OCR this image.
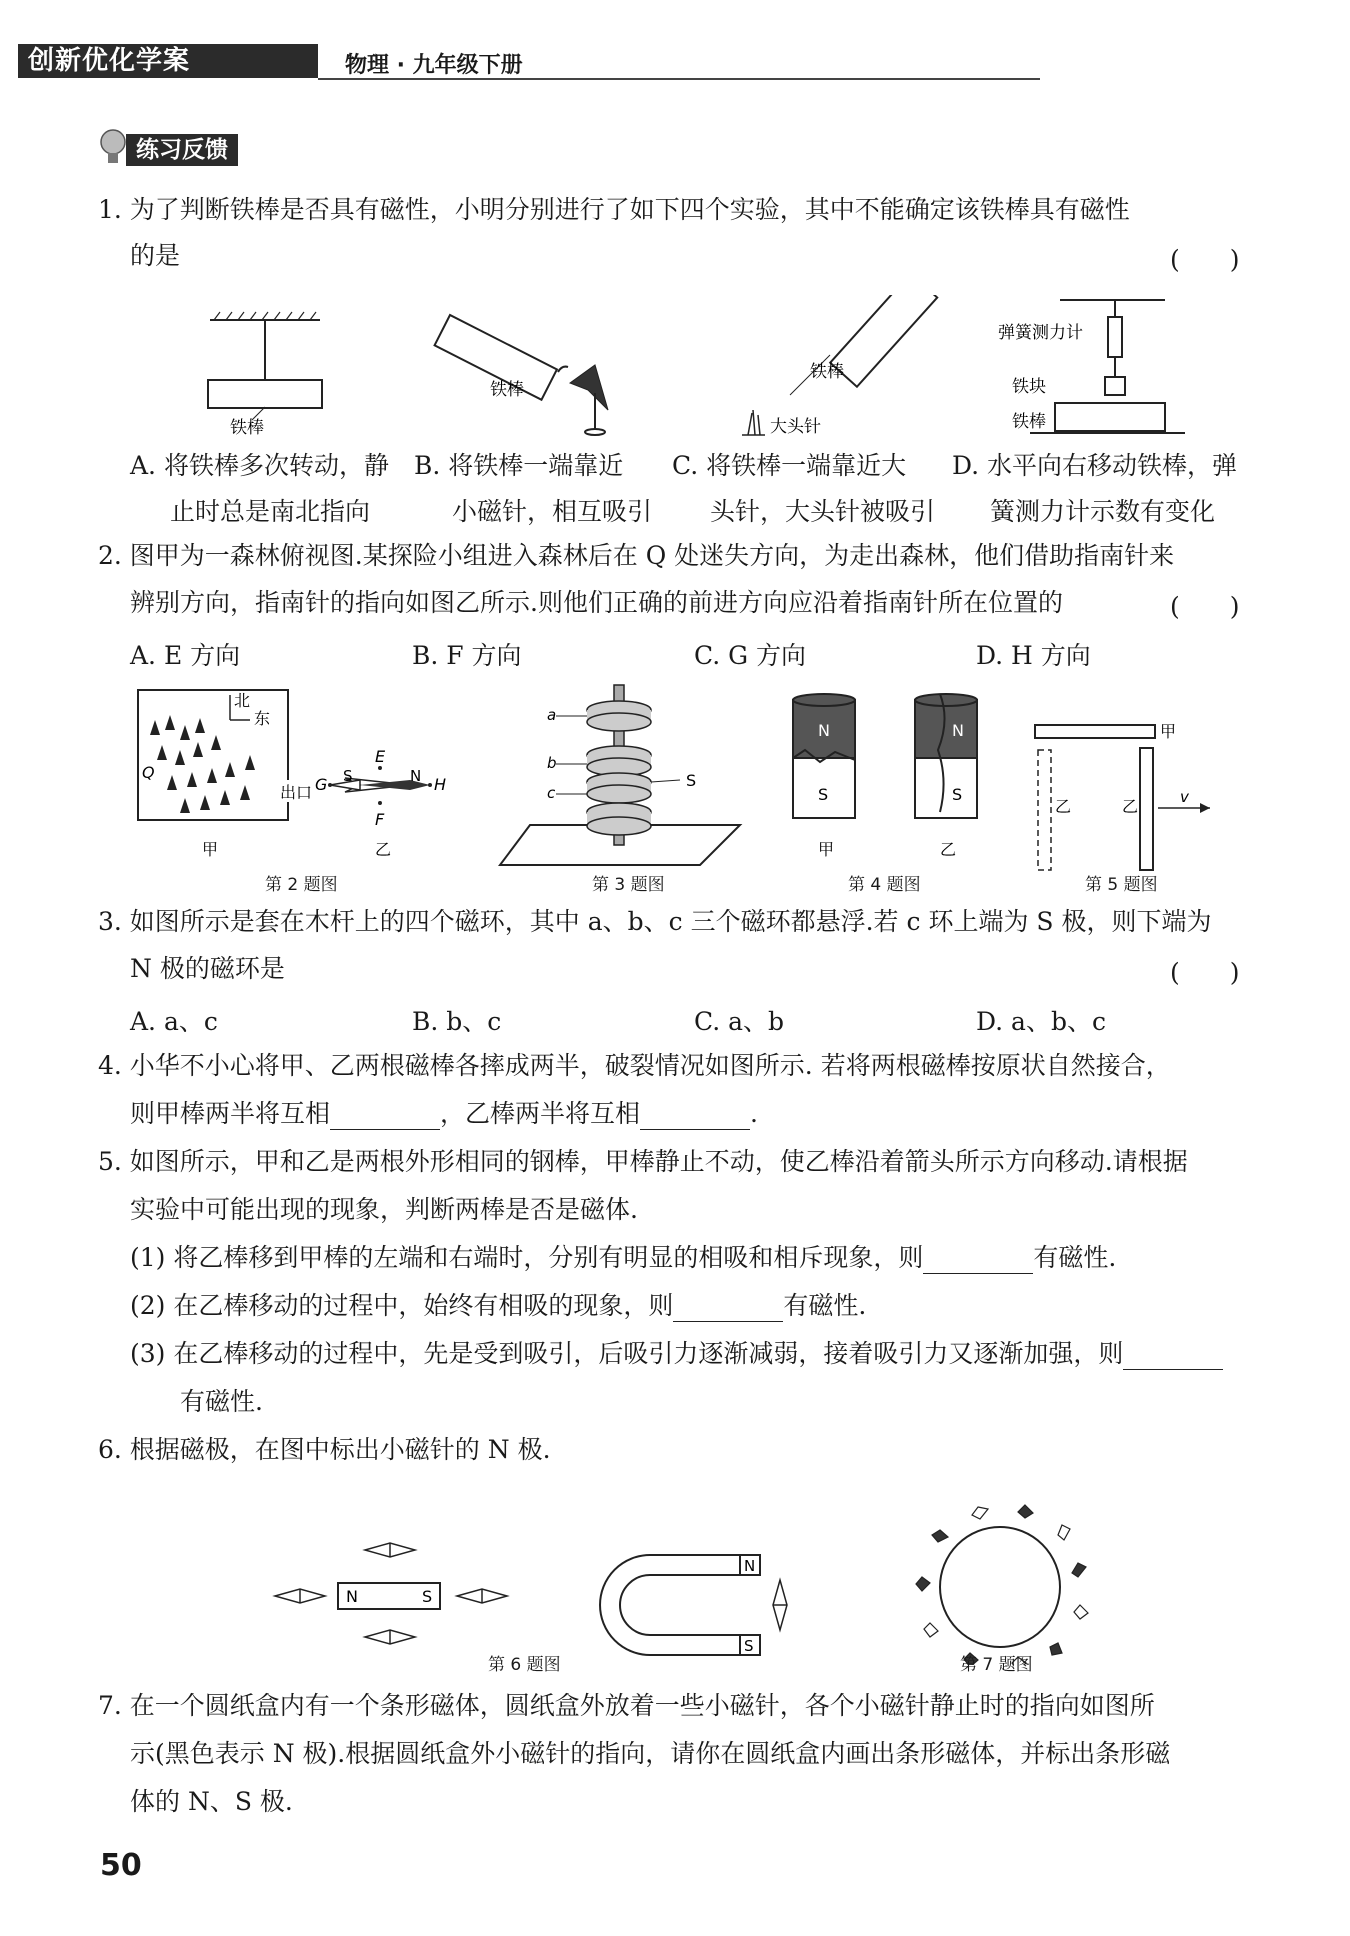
创新优化学案	物理 · 九年级下册
练习反馈
1. 为了判断铁棒是否具有磁性，小明分别进行了如下四个实验，其中不能确定该铁棒具有磁性
的是	(　　)
铁棒
铁棒
铁棒
大头针
弹簧测力计
铁块
铁棒
A. 将铁棒多次转动，静
止时总是南北指向
B. 将铁棒一端靠近
小磁针，相互吸引
C. 将铁棒一端靠近大
头针，大头针被吸引
D. 水平向右移动铁棒，弹
簧测力计示数有变化
2. 图甲为一森林俯视图.某探险小组进入森林后在 Q 处迷失方向，为走出森林，他们借助指南针来
辨别方向，指南针的指向如图乙所示.则他们正确的前进方向应沿着指南针所在位置的	(　　)
A. E 方向	B. F 方向	C. G 方向	D. H 方向
北
东
Q
出口
甲
E
F
G	H
S	N
乙
a
b
c
S
N
S
甲
N
S
乙
甲
乙	乙	v
第 2 题图	第 3 题图	第 4 题图	第 5 题图
3. 如图所示是套在木杆上的四个磁环，其中 a、b、c 三个磁环都悬浮.若 c 环上端为 S 极，则下端为
N 极的磁环是	(　　)
A. a、c	B. b、c	C. a、b	D. a、b、c
4. 小华不小心将甲、乙两根磁棒各摔成两半，破裂情况如图所示. 若将两根磁棒按原状自然接合，
则甲棒两半将互相	，乙棒两半将互相	.
5. 如图所示，甲和乙是两根外形相同的钢棒，甲棒静止不动，使乙棒沿着箭头所示方向移动.请根据
实验中可能出现的现象，判断两棒是否是磁体.
(1) 将乙棒移到甲棒的左端和右端时，分别有明显的相吸和相斥现象，则	有磁性.
(2) 在乙棒移动的过程中，始终有相吸的现象，则	有磁性.
(3) 在乙棒移动的过程中，先是受到吸引，后吸引力逐渐减弱，接着吸引力又逐渐加强，则
有磁性.
6. 根据磁极，在图中标出小磁针的 N 极.
N	S
N
S
第 6 题图	第 7 题图
7. 在一个圆纸盒内有一个条形磁体，圆纸盒外放着一些小磁针，各个小磁针静止时的指向如图所
示(黑色表示 N 极).根据圆纸盒外小磁针的指向，请你在圆纸盒内画出条形磁体，并标出条形磁
体的 N、S 极.
50
